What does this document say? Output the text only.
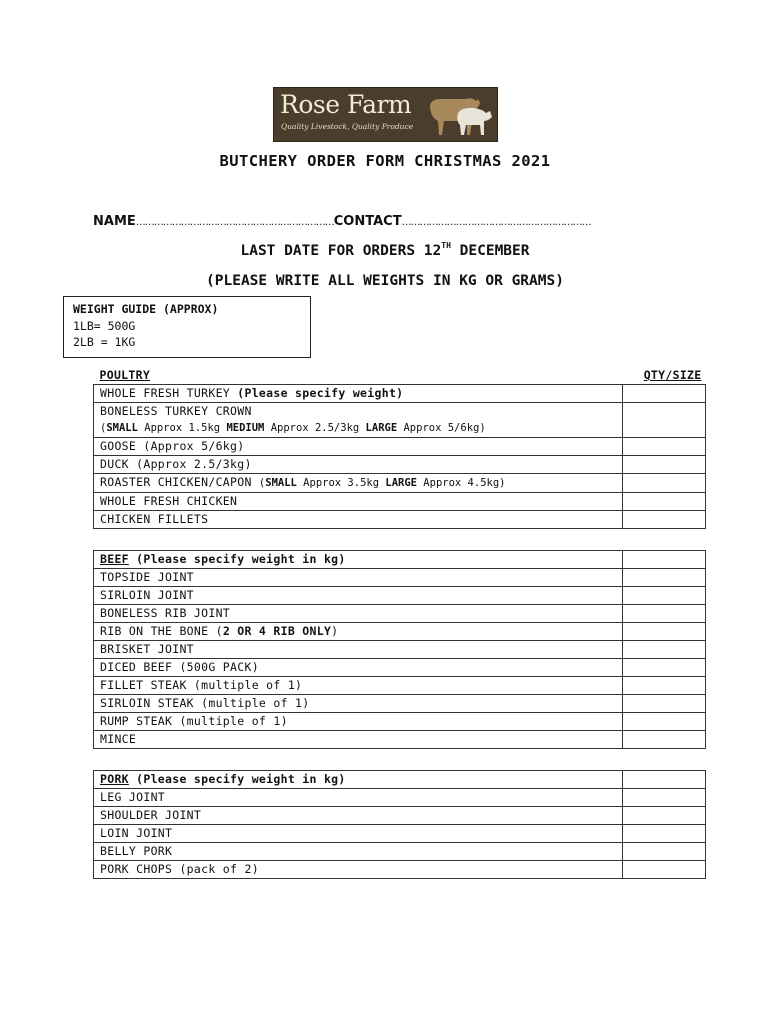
Rose Farm
Quality Livestock, Quality Produce
BUTCHERY ORDER FORM CHRISTMAS 2021
NAME…………………………………………………………CONTACT………………………………………………………
LAST DATE FOR ORDERS 12TH DECEMBER
(PLEASE WRITE ALL WEIGHTS IN KG OR GRAMS)
WEIGHT GUIDE (APPROX)
1LB= 500G
2LB = 1KG
POULTRY	QTY/SIZE
WHOLE FRESH TURKEY (Please specify weight)	
BONELESS TURKEY CROWN	
(SMALL Approx 1.5kg MEDIUM Approx 2.5/3kg LARGE Approx 5/6kg)	
GOOSE (Approx 5/6kg)	
DUCK (Approx 2.5/3kg)	
ROASTER CHICKEN/CAPON (SMALL Approx 3.5kg LARGE Approx 4.5kg)	
WHOLE FRESH CHICKEN	
CHICKEN FILLETS	
BEEF (Please specify weight in kg)	
TOPSIDE JOINT	
SIRLOIN JOINT	
BONELESS RIB JOINT	
RIB ON THE BONE (2 OR 4 RIB ONLY)	
BRISKET JOINT	
DICED BEEF (500G PACK)	
FILLET STEAK (multiple of 1)	
SIRLOIN STEAK (multiple of 1)	
RUMP STEAK (multiple of 1)	
MINCE	
PORK (Please specify weight in kg)	
LEG JOINT	
SHOULDER JOINT	
LOIN JOINT	
BELLY PORK	
PORK CHOPS (pack of 2)	
